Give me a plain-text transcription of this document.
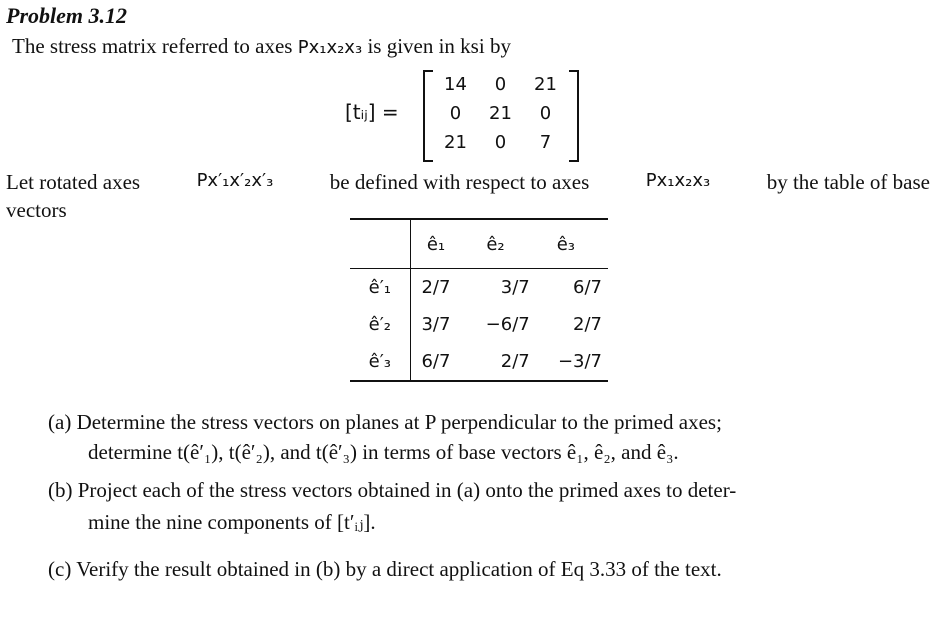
Problem 3.12
The stress matrix referred to axes Px₁x₂x₃ is given in ksi by
[tᵢⱼ] =
14	0	21
0	21	0
21	0	7
Let rotated axes	Px′₁x′₂x′₃	be defined with respect to axes	Px₁x₂x₃	by the table of base
vectors
	ê₁	ê₂	ê₃
ê′₁	2/7	3/7	6/7
ê′₂	3/7	−6/7	2/7
ê′₃	6/7	2/7	−3/7
(a) Determine the stress vectors on planes at P perpendicular to the primed axes;
determine t(ê′₁), t(ê′₂), and t(ê′₃) in terms of base vectors ê₁, ê₂, and ê₃.
(b) Project each of the stress vectors obtained in (a) onto the primed axes to deter-
mine the nine components of [t′ᵢⱼ].
(c) Verify the result obtained in (b) by a direct application of Eq 3.33 of the text.
